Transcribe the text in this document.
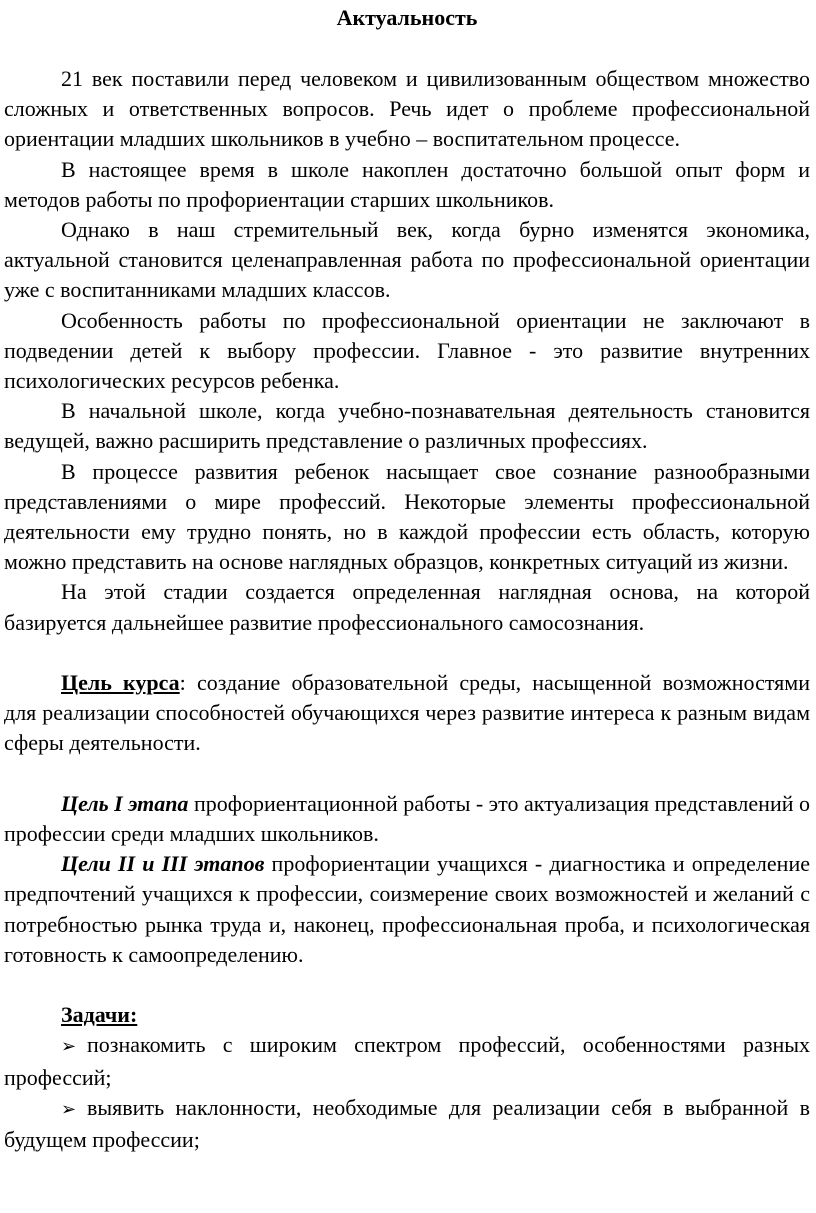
Актуальность

21 век поставили перед человеком и цивилизованным обществом множество сложных и ответственных вопросов. Речь идет о проблеме профессиональной ориентации младших школьников в учебно – воспитательном процессе.

В настоящее время в школе накоплен достаточно большой опыт форм и методов работы по профориентации старших школьников.

Однако в наш стремительный век, когда бурно изменятся экономика, актуальной становится целенаправленная работа по профессиональной ориентации уже с воспитанниками младших классов.

Особенность работы по профессиональной ориентации не заключают в подведении детей к выбору профессии. Главное - это развитие внутренних психологических ресурсов ребенка.

В начальной школе, когда учебно-познавательная деятельность становится ведущей, важно расширить представление о различных профессиях.

В процессе развития ребенок насыщает свое сознание разнообразными представлениями о мире профессий. Некоторые элементы профессиональной деятельности ему трудно понять, но в каждой профессии есть область, которую можно представить на основе наглядных образцов, конкретных ситуаций из жизни.

На этой стадии создается определенная наглядная основа, на которой базируется дальнейшее развитие профессионального самосознания.

Цель курса: создание образовательной среды, насыщенной возможностями для реализации способностей обучающихся через развитие интереса к разным видам сферы деятельности.

Цель I этапа профориентационной работы - это актуализация представлений о профессии среди младших школьников.

Цели II и III этапов профориентации учащихся - диагностика и определение предпочтений учащихся к профессии, соизмерение своих возможностей и желаний с потребностью рынка труда и, наконец, профессиональная проба, и психологическая готовность к самоопределению.

Задачи:

➢ познакомить с широким спектром профессий, особенностями разных профессий;

➢ выявить наклонности, необходимые для реализации себя в выбранной в будущем профессии;
